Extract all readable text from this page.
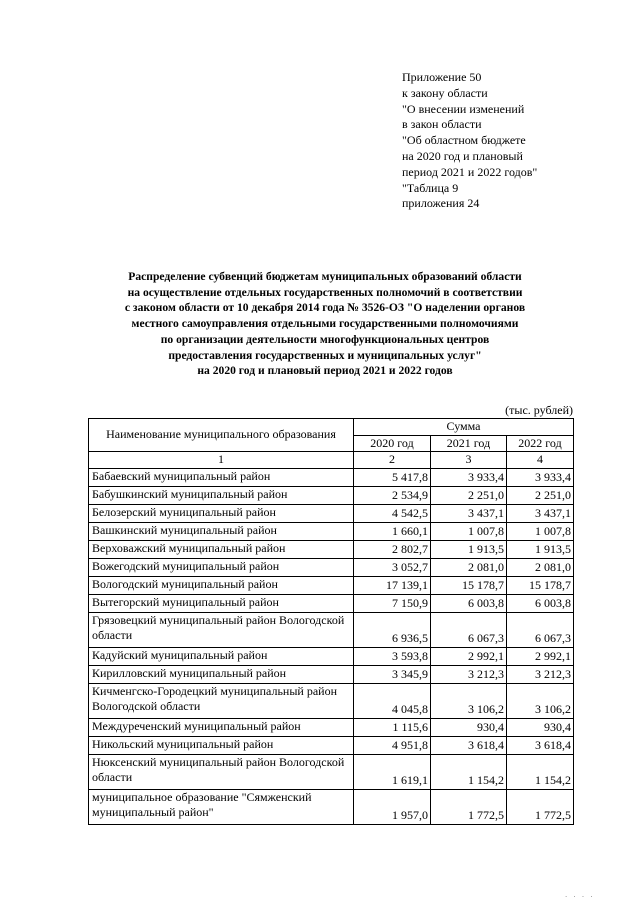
Приложение 50
к закону области
"О внесении изменений
в закон области
"Об областном бюджете
на 2020 год и плановый
период 2021 и 2022 годов"
"Таблица 9
приложения 24
Распределение субвенций бюджетам муниципальных образований области
на осуществление отдельных государственных полномочий в соответствии
с законом области от 10 декабря 2014 года № 3526-ОЗ "О наделении органов
местного самоуправления отдельными государственными полномочиями
по организации деятельности многофункциональных центров
предоставления государственных и муниципальных услуг"
на 2020 год и плановый период 2021 и 2022 годов
(тыс. рублей)
Наименование муниципального образования	Сумма		
	2020 год	2021 год	2022 год
1	2	3	4
Бабаевский муниципальный район	5 417,8	3 933,4	3 933,4
Бабушкинский муниципальный район	2 534,9	2 251,0	2 251,0
Белозерский муниципальный район	4 542,5	3 437,1	3 437,1
Вашкинский муниципальный район	1 660,1	1 007,8	1 007,8
Верховажский муниципальный район	2 802,7	1 913,5	1 913,5
Вожегодский муниципальный район	3 052,7	2 081,0	2 081,0
Вологодский муниципальный район	17 139,1	15 178,7	15 178,7
Вытегорский муниципальный район	7 150,9	6 003,8	6 003,8
Грязовецкий муниципальный район Вологодской области	6 936,5	6 067,3	6 067,3
Кадуйский муниципальный район	3 593,8	2 992,1	2 992,1
Кирилловский муниципальный район	3 345,9	3 212,3	3 212,3
Кичменгско-Городецкий муниципальный район Вологодской области	4 045,8	3 106,2	3 106,2
Междуреченский муниципальный район	1 115,6	930,4	930,4
Никольский муниципальный район	4 951,8	3 618,4	3 618,4
Нюксенский муниципальный район Вологодской области	1 619,1	1 154,2	1 154,2
муниципальное образование "Сямженский муниципальный район"	1 957,0	1 772,5	1 772,5
· · · ·
